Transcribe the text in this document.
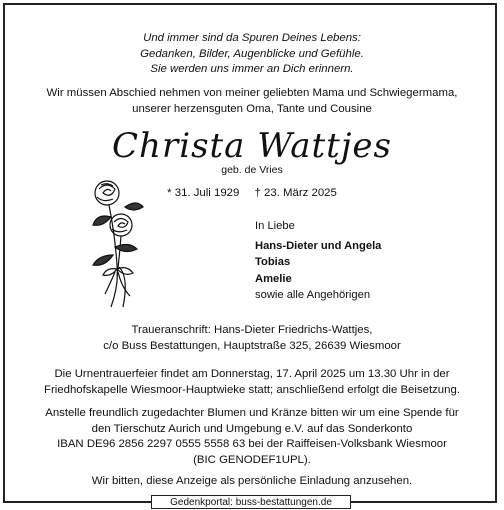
Und immer sind da Spuren Deines Lebens:
Gedanken, Bilder, Augenblicke und Gefühle.
Sie werden uns immer an Dich erinnern.
Wir müssen Abschied nehmen von meiner geliebten Mama und Schwiegermama,
unserer herzensguten Oma, Tante und Cousine
Christa Wattjes
geb. de Vries
* 31. Juli 1929 † 23. März 2025
In Liebe
Hans-Dieter und Angela
Tobias
Amelie
sowie alle Angehörigen
Traueranschrift: Hans-Dieter Friedrichs-Wattjes,
c/o Buss Bestattungen, Hauptstraße 325, 26639 Wiesmoor
Die Urnentrauerfeier findet am Donnerstag, 17. April 2025 um 13.30 Uhr in der
Friedhofskapelle Wiesmoor-Hauptwieke statt; anschließend erfolgt die Beisetzung.
Anstelle freundlich zugedachter Blumen und Kränze bitten wir um eine Spende für
den Tierschutz Aurich und Umgebung e.V. auf das Sonderkonto
IBAN DE96 2856 2297 0555 5558 63 bei der Raiffeisen-Volksbank Wiesmoor
(BIC GENODEF1UPL).
Wir bitten, diese Anzeige als persönliche Einladung anzusehen.
Gedenkportal: buss-bestattungen.de
